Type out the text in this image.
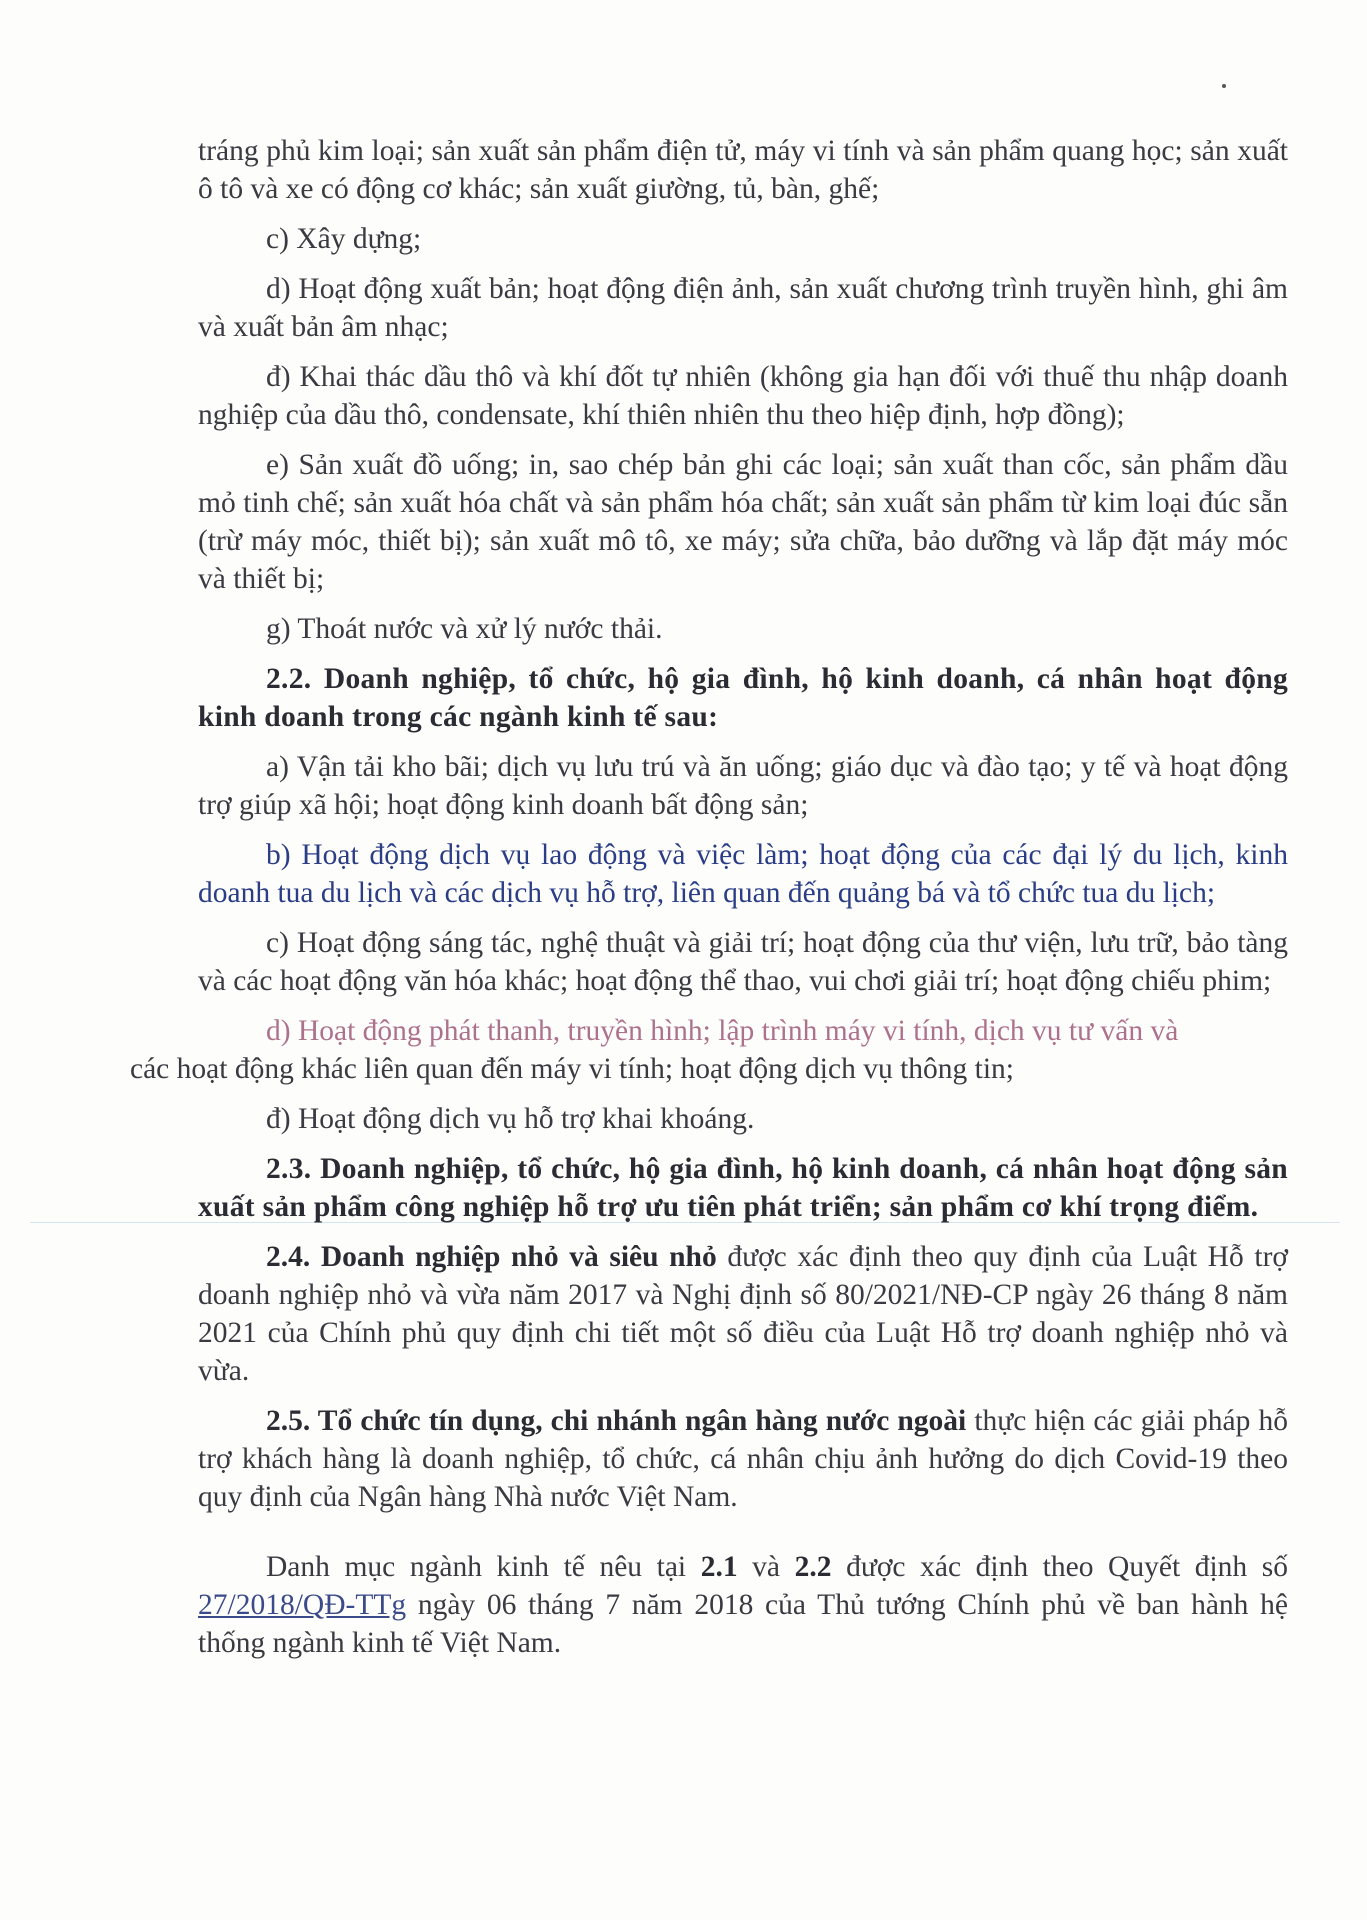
tráng phủ kim loại; sản xuất sản phẩm điện tử, máy vi tính và sản phẩm quang học; sản xuất ô tô và xe có động cơ khác; sản xuất giường, tủ, bàn, ghế;

c) Xây dựng;

d) Hoạt động xuất bản; hoạt động điện ảnh, sản xuất chương trình truyền hình, ghi âm và xuất bản âm nhạc;

đ) Khai thác dầu thô và khí đốt tự nhiên (không gia hạn đối với thuế thu nhập doanh nghiệp của dầu thô, condensate, khí thiên nhiên thu theo hiệp định, hợp đồng);

e) Sản xuất đồ uống; in, sao chép bản ghi các loại; sản xuất than cốc, sản phẩm dầu mỏ tinh chế; sản xuất hóa chất và sản phẩm hóa chất; sản xuất sản phẩm từ kim loại đúc sẵn (trừ máy móc, thiết bị); sản xuất mô tô, xe máy; sửa chữa, bảo dưỡng và lắp đặt máy móc và thiết bị;

g) Thoát nước và xử lý nước thải.

2.2. Doanh nghiệp, tổ chức, hộ gia đình, hộ kinh doanh, cá nhân hoạt động kinh doanh trong các ngành kinh tế sau:

a) Vận tải kho bãi; dịch vụ lưu trú và ăn uống; giáo dục và đào tạo; y tế và hoạt động trợ giúp xã hội; hoạt động kinh doanh bất động sản;

b) Hoạt động dịch vụ lao động và việc làm; hoạt động của các đại lý du lịch, kinh doanh tua du lịch và các dịch vụ hỗ trợ, liên quan đến quảng bá và tổ chức tua du lịch;

c) Hoạt động sáng tác, nghệ thuật và giải trí; hoạt động của thư viện, lưu trữ, bảo tàng và các hoạt động văn hóa khác; hoạt động thể thao, vui chơi giải trí; hoạt động chiếu phim;

d) Hoạt động phát thanh, truyền hình; lập trình máy vi tính, dịch vụ tư vấn và
các hoạt động khác liên quan đến máy vi tính; hoạt động dịch vụ thông tin;

đ) Hoạt động dịch vụ hỗ trợ khai khoáng.

2.3. Doanh nghiệp, tổ chức, hộ gia đình, hộ kinh doanh, cá nhân hoạt động sản xuất sản phẩm công nghiệp hỗ trợ ưu tiên phát triển; sản phẩm cơ khí trọng điểm.

2.4. Doanh nghiệp nhỏ và siêu nhỏ được xác định theo quy định của Luật Hỗ trợ doanh nghiệp nhỏ và vừa năm 2017 và Nghị định số 80/2021/NĐ-CP ngày 26 tháng 8 năm 2021 của Chính phủ quy định chi tiết một số điều của Luật Hỗ trợ doanh nghiệp nhỏ và vừa.

2.5. Tổ chức tín dụng, chi nhánh ngân hàng nước ngoài thực hiện các giải pháp hỗ trợ khách hàng là doanh nghiệp, tổ chức, cá nhân chịu ảnh hưởng do dịch Covid-19 theo quy định của Ngân hàng Nhà nước Việt Nam.

Danh mục ngành kinh tế nêu tại 2.1 và 2.2 được xác định theo Quyết định số 27/2018/QĐ-TTg ngày 06 tháng 7 năm 2018 của Thủ tướng Chính phủ về ban hành hệ thống ngành kinh tế Việt Nam.
